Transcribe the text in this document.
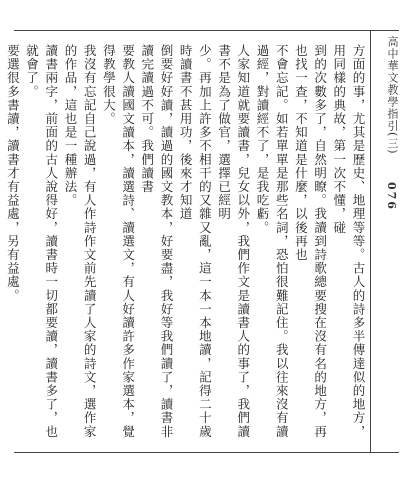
高中華文教學指引(三)
076

方面的事，尤其是歷史、地理等等。古人的詩多半傳達似的地方，用同樣的典故，第一次不懂，碰

到的次數多了，自然明瞭。我讀到詩歌總要搜在沒有名的地方，再也找一查，不知道是什麼，以後再也

不會忘記。如若單單是那些名詞，恐怕很難記住。我以往來沒有讀過經，對讀經不了，是我吃虧。

人家知道就要讀書，兒女以外，我們作文是讀書人的事了，我們讀書不是為了做官，選擇已經明

少。再加上許多不相干的又雜又亂，這一本一本地讀，記得二十歲時讀書不甚用功，後來才知道

倒要好好讀，讀過的國文教本，好要盡，我好等我們讀了，讀書非讀完讀過不可。我們讀書

要教人讀國文讀本，讀選詩、讀選文，有人好讀許多作家選本，覺得教學很大。

我沒有忘記自己說過，有人作詩作文前先讀了人家的詩文，選作家的作品，這也是一種辦法。

讀書兩字，前面的古人說得好，讀書時一切都要讀，讀書多了，也就會了。

要選很多書讀，讀書才有益處，另有益處。
